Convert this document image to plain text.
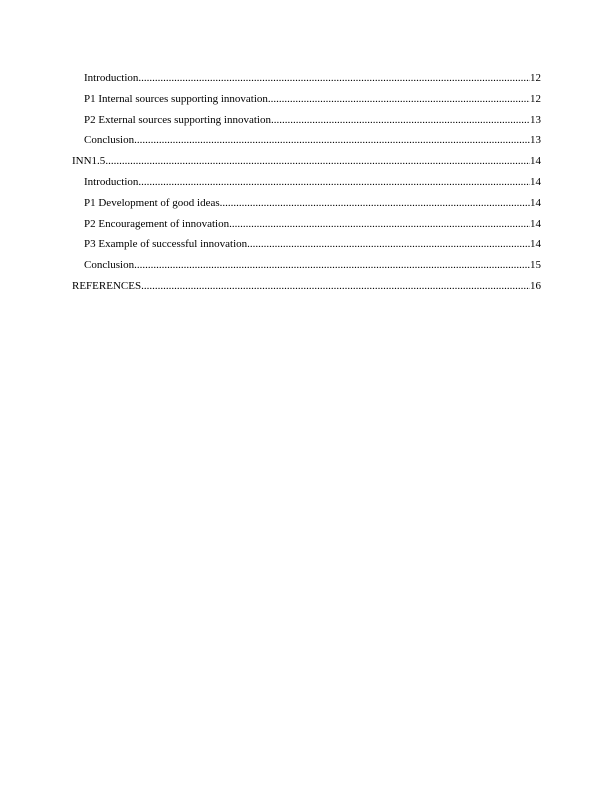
Introduction .....	12
P1 Internal sources supporting innovation .....	12
P2 External sources supporting innovation .....	13
Conclusion .....	13
INN1.5 .....	14
Introduction .....	14
P1 Development of good ideas .....	14
P2 Encouragement of innovation .....	14
P3 Example of successful innovation .....	14
Conclusion .....	15
REFERENCES .....	16
